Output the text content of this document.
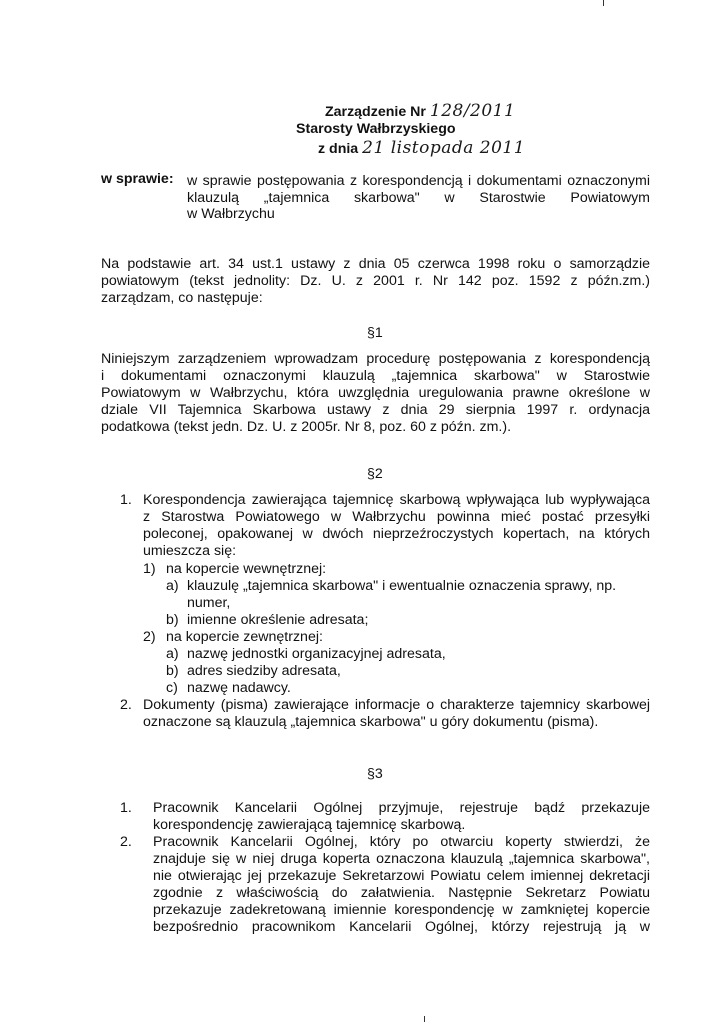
Zarządzenie Nr 128/2011
Starosty Wałbrzyskiego
z dnia 21 listopada 2011
w sprawie: w sprawie postępowania z korespondencją i dokumentami oznaczonymi
klauzulą „tajemnica skarbowa" w Starostwie Powiatowym
w Wałbrzychu
Na podstawie art. 34 ust.1 ustawy z dnia 05 czerwca 1998 roku o samorządzie
powiatowym (tekst jednolity: Dz. U. z 2001 r. Nr 142 poz. 1592 z późn.zm.)
zarządzam, co następuje:
§1
Niniejszym zarządzeniem wprowadzam procedurę postępowania z korespondencją
i dokumentami oznaczonymi klauzulą „tajemnica skarbowa" w Starostwie
Powiatowym w Wałbrzychu, która uwzględnia uregulowania prawne określone w
dziale VII Tajemnica Skarbowa ustawy z dnia 29 sierpnia 1997 r. ordynacja
podatkowa (tekst jedn. Dz. U. z 2005r. Nr 8, poz. 60 z późn. zm.).
§2
1. Korespondencja zawierająca tajemnicę skarbową wpływająca lub wypływająca
z Starostwa Powiatowego w Wałbrzychu powinna mieć postać przesyłki
poleconej, opakowanej w dwóch nieprzeźroczystych kopertach, na których
umieszcza się:
1) na kopercie wewnętrznej:
a) klauzulę „tajemnica skarbowa" i ewentualnie oznaczenia sprawy, np.
numer,
b) imienne określenie adresata;
2) na kopercie zewnętrznej:
a) nazwę jednostki organizacyjnej adresata,
b) adres siedziby adresata,
c) nazwę nadawcy.
2. Dokumenty (pisma) zawierające informacje o charakterze tajemnicy skarbowej
oznaczone są klauzulą „tajemnica skarbowa" u góry dokumentu (pisma).
§3
1. Pracownik Kancelarii Ogólnej przyjmuje, rejestruje bądź przekazuje
korespondencję zawierającą tajemnicę skarbową.
2. Pracownik Kancelarii Ogólnej, który po otwarciu koperty stwierdzi, że
znajduje się w niej druga koperta oznaczona klauzulą „tajemnica skarbowa",
nie otwierając jej przekazuje Sekretarzowi Powiatu celem imiennej dekretacji
zgodnie z właściwością do załatwienia. Następnie Sekretarz Powiatu
przekazuje zadekretowaną imiennie korespondencję w zamkniętej kopercie
bezpośrednio pracownikom Kancelarii Ogólnej, którzy rejestrują ją w
